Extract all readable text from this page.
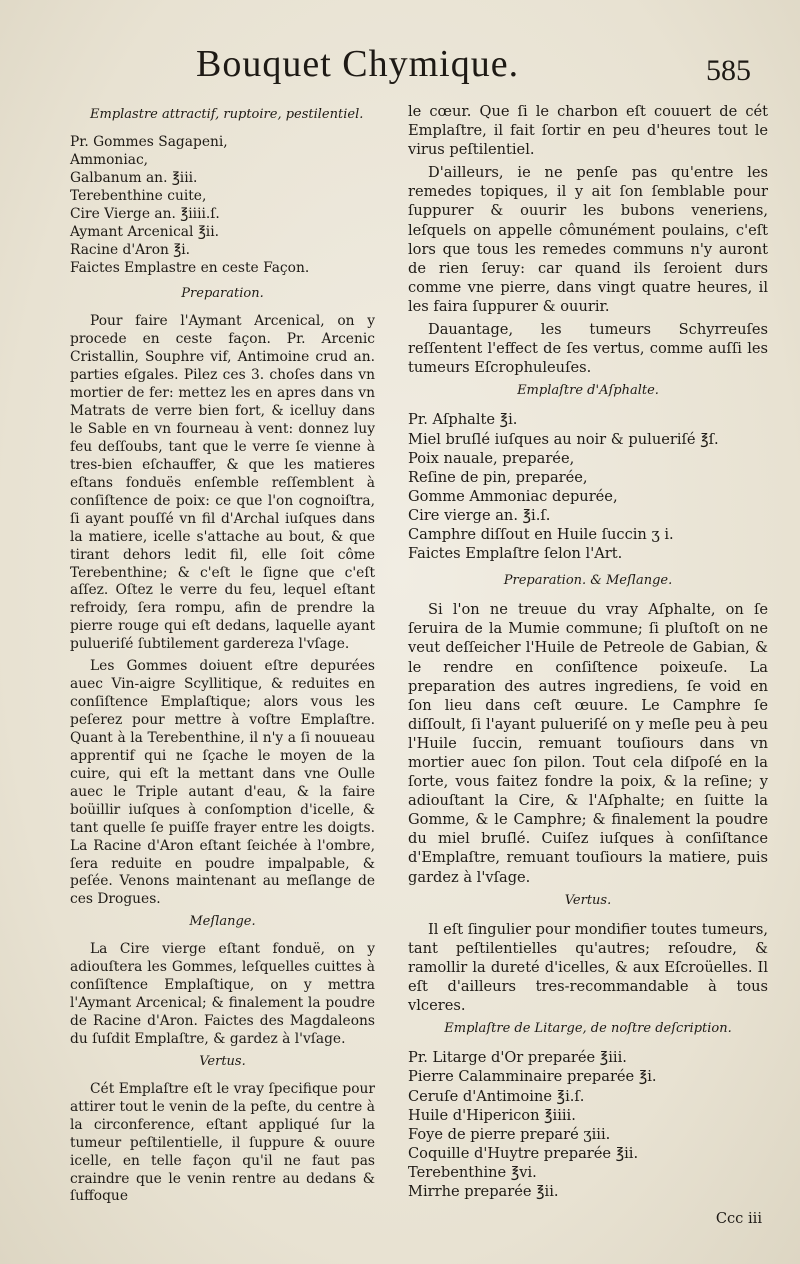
Bouquet Chymique.	585
Emplastre attractif, ruptoire, pestilentiel.
Pr. Gommes Sagapeni,
Ammoniac,
Galbanum an. ℥iii.
Terebenthine cuite,
Cire Vierge an. ℥iiii.ſ.
Aymant Arcenical ℥ii.
Racine d'Aron ℥i.
Faictes Emplastre en ceste Façon.
Preparation.

Pour faire l'Aymant Arcenical, on y procede en ceste façon. Pr. Arcenic Cristallin, Souphre vif, Antimoine crud an. parties eſgales. Pilez ces 3. choſes dans vn mortier de fer: mettez les en apres dans vn Matrats de verre bien fort, & icelluy dans le Sable en vn fourneau à vent: donnez luy feu deſſoubs, tant que le verre ſe vienne à tres-bien eſchauffer, & que les matieres eſtans fonduës enſemble reſſemblent à conſiſtence de poix: ce que l'on cognoiſtra, ſi ayant pouſſé vn fil d'Archal iuſques dans la matiere, icelle s'attache au bout, & que tirant dehors ledit fil, elle ſoit côme Terebenthine; & c'eſt le ſigne que c'eſt aſſez. Oſtez le verre du feu, lequel eſtant refroidy, ſera rompu, afin de prendre la pierre rouge qui eſt dedans, laquelle ayant pulueriſé ſubtilement gardereza l'vſage.

Les Gommes doiuent eſtre depurées auec Vin-aigre Scyllitique, & reduites en conſiſtence Emplaſtique; alors vous les peſerez pour mettre à voſtre Emplaſtre. Quant à la Terebenthine, il n'y a ſi nouueau apprentif qui ne ſçache le moyen de la cuire, qui eſt la mettant dans vne Oulle auec le Triple autant d'eau, & la faire boüillir iuſques à conſomption d'icelle, & tant quelle ſe puiſſe frayer entre les doigts. La Racine d'Aron eſtant ſeichée à l'ombre, ſera reduite en poudre impalpable, & peſée. Venons maintenant au meſlange de ces Drogues.

Meſlange.

La Cire vierge eſtant fonduë, on y adiouſtera les Gommes, leſquelles cuittes à conſiſtence Emplaſtique, on y mettra l'Aymant Arcenical; & finalement la poudre de Racine d'Aron. Faictes des Magdaleons du ſuſdit Emplaſtre, & gardez à l'vſage.

Vertus.

Cét Emplaſtre eſt le vray ſpecifique pour attirer tout le venin de la peſte, du centre à la circonference, eſtant appliqué ſur la tumeur peſtilentielle, il ſuppure & ouure icelle, en telle façon qu'il ne faut pas craindre que le venin rentre au dedans & ſuffoque

le cœur. Que ſi le charbon eſt couuert de cét Emplaſtre, il fait ſortir en peu d'heures tout le virus peſtilentiel.

D'ailleurs, ie ne penſe pas qu'entre les remedes topiques, il y ait ſon ſemblable pour ſuppurer & ouurir les bubons veneriens, leſquels on appelle cômunément poulains, c'eſt lors que tous les remedes communs n'y auront de rien ſeruy: car quand ils ſeroient durs comme vne pierre, dans vingt quatre heures, il les faira ſuppurer & ouurir.

Dauantage, les tumeurs Schyrreuſes reſſentent l'effect de ſes vertus, comme auſſi les tumeurs Eſcrophuleuſes.

Emplaſtre d'Aſphalte.
Pr. Aſphalte ℥i.
Miel bruſlé iuſques au noir & pulueriſé ℥ſ.
Poix nauale, preparée,
Reſine de pin, preparée,
Gomme Ammoniac depurée,
Cire vierge an. ℥i.ſ.
Camphre diſſout en Huile ſuccin ʒ i.
Faictes Emplaſtre ſelon l'Art.
Preparation. & Meſlange.

Si l'on ne treuue du vray Aſphalte, on ſe ſeruira de la Mumie commune; ſi pluſtoſt on ne veut deſſeicher l'Huile de Petreole de Gabian, & le rendre en conſiſtence poixeuſe. La preparation des autres ingrediens, ſe void en ſon lieu dans ceſt œuure. Le Camphre ſe diſſoult, ſi l'ayant pulueriſé on y meſle peu à peu l'Huile ſuccin, remuant touſiours dans vn mortier auec ſon pilon. Tout cela diſpoſé en la ſorte, vous faitez fondre la poix, & la reſine; y adiouſtant la Cire, & l'Aſphalte; en ſuitte la Gomme, & le Camphre; & finalement la poudre du miel bruſlé. Cuiſez iuſques à conſiſtance d'Emplaſtre, remuant touſiours la matiere, puis gardez à l'vſage.

Vertus.

Il eſt ſingulier pour mondifier toutes tumeurs, tant peſtilentielles qu'autres; reſoudre, & ramollir la dureté d'icelles, & aux Eſcroüelles. Il eſt d'ailleurs tres-recommandable à tous vlceres.

Emplaſtre de Litarge, de noſtre deſcription.
Pr. Litarge d'Or preparée ℥iii.
Pierre Calamminaire preparée ℥i.
Ceruſe d'Antimoine ℥i.ſ.
Huile d'Hipericon ℥iiii.
Foye de pierre preparé ʒiii.
Coquille d'Huytre preparée ℥ii.
Terebenthine ℥vi.
Mirrhe preparée ℥ii.
Ccc iii
